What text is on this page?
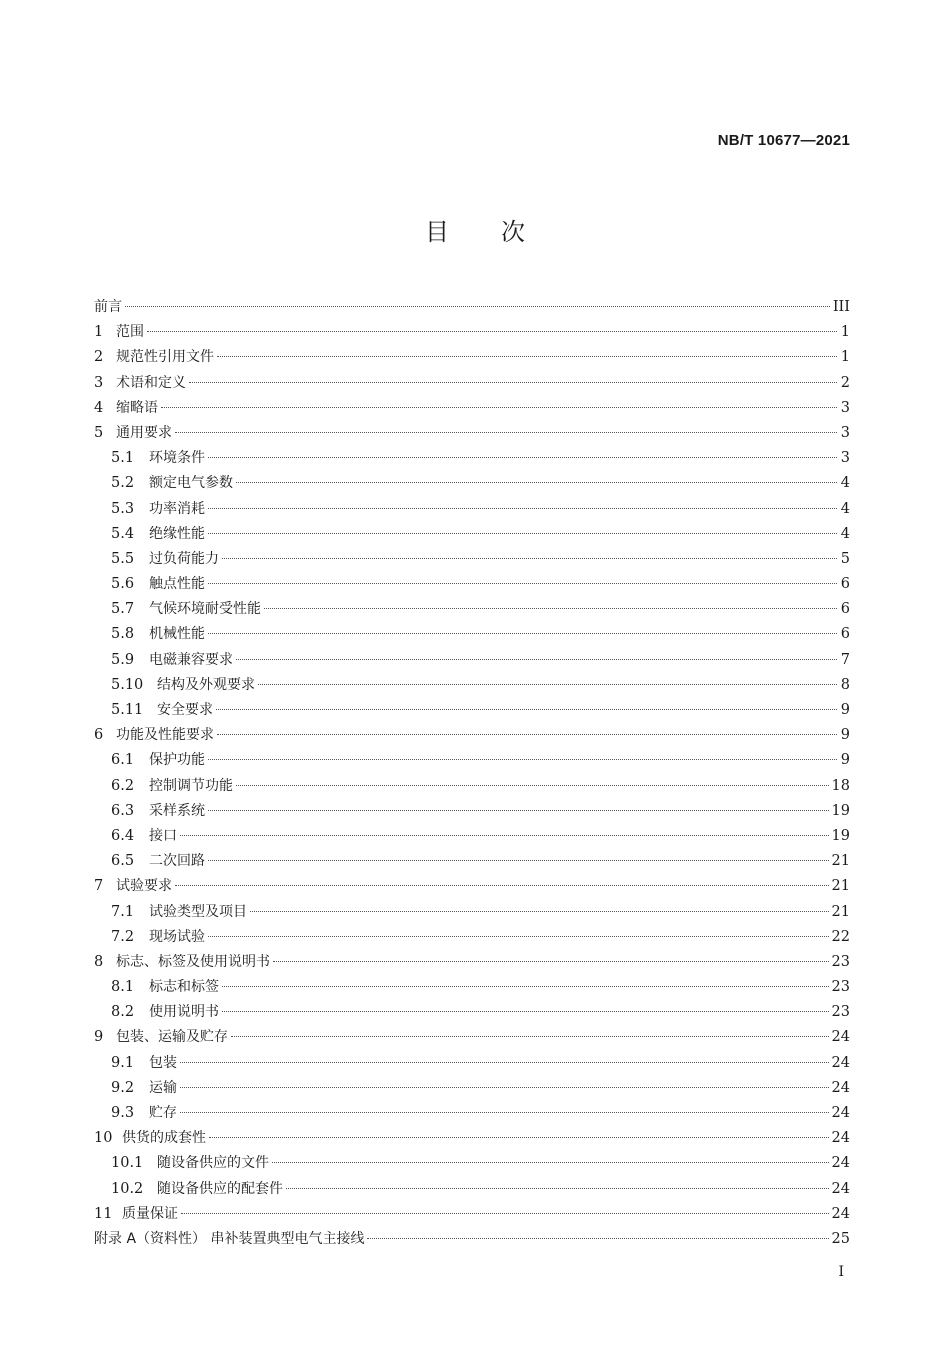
NB/T 10677—2021
目次
前言	III
1 范围	1
2 规范性引用文件	1
3 术语和定义	2
4 缩略语	3
5 通用要求	3
5.1	环境条件	3
5.2	额定电气参数	4
5.3	功率消耗	4
5.4	绝缘性能	4
5.5	过负荷能力	5
5.6	触点性能	6
5.7	气候环境耐受性能	6
5.8	机械性能	6
5.9	电磁兼容要求	7
5.10 结构及外观要求	8
5.11 安全要求	9
6 功能及性能要求	9
6.1	保护功能	9
6.2	控制调节功能	18
6.3	采样系统	19
6.4	接口	19
6.5	二次回路	21
7 试验要求	21
7.1	试验类型及项目	21
7.2	现场试验	22
8 标志、标签及使用说明书	23
8.1	标志和标签	23
8.2	使用说明书	23
9 包装、运输及贮存	24
9.1	包装	24
9.2	运输	24
9.3	贮存	24
10 供货的成套性	24
10.1 随设备供应的文件	24
10.2 随设备供应的配套件	24
11 质量保证	24
附录 A（资料性） 串补装置典型电气主接线	25
I
